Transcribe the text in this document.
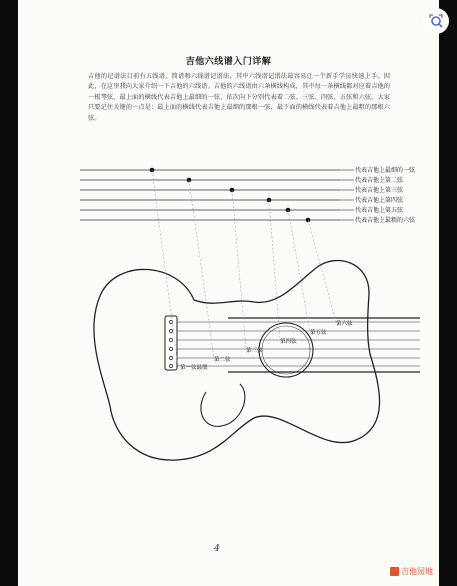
吉他六线谱入门详解

吉他的记谱法目前有五线谱、简谱和六线谱记谱法，其中六线谱记谱法最容易让一个新手学员快速上手。因此，在这里我向大家介绍一下吉他的六线谱。吉他的六线谱由六条横线构成，其中每一条横线都对应着吉他的一根琴弦，最上面的横线代表吉他上最细的一弦，依次向下分别代表着二弦、三弦、四弦、五弦和六弦。大家只要记住关键的一点是：最上面的横线代表吉他上最细的那根一弦，最下面的横线代表着吉他上最粗的那根六弦。

代表吉他上最细的一弦
代表吉他上第二弦
代表吉他上第三弦
代表吉他上第四弦
代表吉他上第五弦
代表吉他上最粗的六弦
第六弦
第五弦
第四弦
第三弦
第二弦
第一弦最细
4
吉他园地
